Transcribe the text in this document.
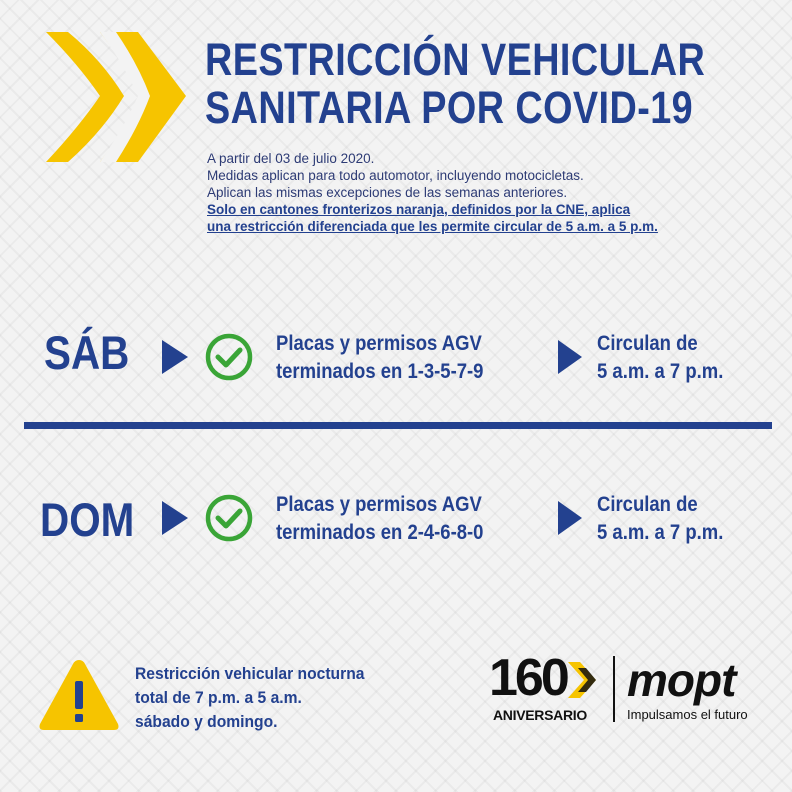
RESTRICCIÓN VEHICULAR
SANITARIA POR COVID-19
A partir del 03 de julio 2020.
Medidas aplican para todo automotor, incluyendo motocicletas.
Aplican las mismas excepciones de las semanas anteriores.
Solo en cantones fronterizos naranja, definidos por la CNE, aplica
una restricción diferenciada que les permite circular de 5 a.m. a 5 p.m.
SÁB	Placas y permisos AGV
terminados en 1-3-5-7-9
Circulan de
5 a.m. a 7 p.m.
DOM	Placas y permisos AGV
terminados en 2-4-6-8-0
Circulan de
5 a.m. a 7 p.m.
Restricción vehicular nocturna
total de 7 p.m. a 5 a.m.
sábado y domingo.
160
ANIVERSARIO
mopt
Impulsamos el futuro
